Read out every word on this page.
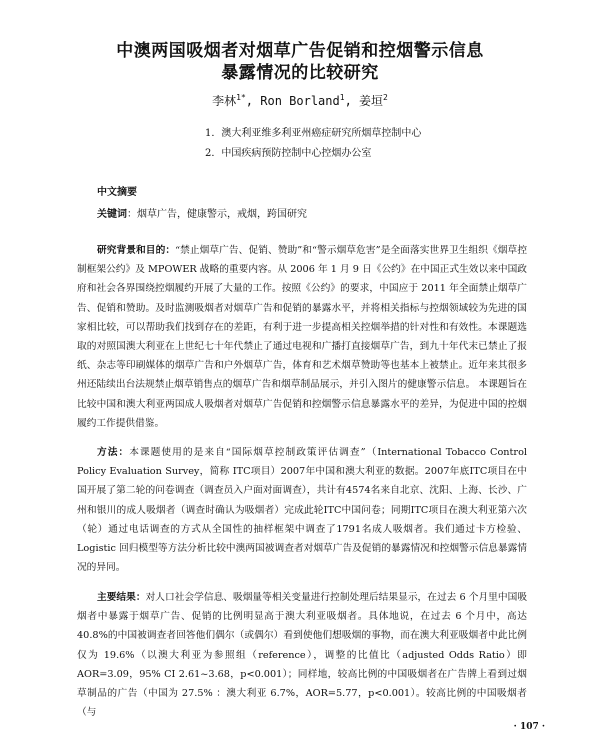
中澳两国吸烟者对烟草广告促销和控烟警示信息
暴露情况的比较研究
李林$^{1*}$, Ron Borland$^1$, 姜垣$^2$
1．澳大利亚维多利亚州癌症研究所烟草控制中心
2．中国疾病预防控制中心控烟办公室
中文摘要
关键词：烟草广告，健康警示，戒烟，跨国研究

研究背景和目的：“禁止烟草广告、促销、赞助”和“警示烟草危害”是全面落实世界卫生组织《烟草控制框架公约》及 MPOWER 战略的重要内容。从 2006 年 1 月 9 日《公约》在中国正式生效以来中国政府和社会各界围绕控烟履约开展了大量的工作。按照《公约》的要求，中国应于 2011 年全面禁止烟草广告、促销和赞助。及时监测吸烟者对烟草广告和促销的暴露水平，并将相关指标与控烟领域较为先进的国家相比较，可以帮助我们找到存在的差距，有利于进一步提高相关控烟举措的针对性和有效性。本课题选取的对照国澳大利亚在上世纪七十年代禁止了通过电视和广播打直接烟草广告，到九十年代末已禁止了报纸、杂志等印刷媒体的烟草广告和户外烟草广告，体育和艺术烟草赞助等也基本上被禁止。近年来其很多州还陆续出台法规禁止烟草销售点的烟草广告和烟草制品展示，并引入图片的健康警示信息。 本课题旨在比较中国和澳大利亚两国成人吸烟者对烟草广告促销和控烟警示信息暴露水平的差异，为促进中国的控烟履约工作提供借鉴。

方法：本课题使用的是来自“国际烟草控制政策评估调查”（International Tobacco Control Policy Evaluation Survey，简称 ITC项目）2007年中国和澳大利亚的数据。2007年底ITC项目在中国开展了第二轮的问卷调查（调查员入户面对面调查），共计有4574名来自北京、沈阳、上海、长沙、广州和银川的成人吸烟者（调查时确认为吸烟者）完成此轮ITC中国问卷；同期ITC项目在澳大利亚第六次（轮）通过电话调查的方式从全国性的抽样框架中调查了1791名成人吸烟者。我们通过卡方检验、Logistic 回归模型等方法分析比较中澳两国被调查者对烟草广告及促销的暴露情况和控烟警示信息暴露情况的异同。

主要结果：对人口社会学信息、吸烟量等相关变量进行控制处理后结果显示，在过去 6 个月里中国吸烟者中暴露于烟草广告、促销的比例明显高于澳大利亚吸烟者。具体地说，在过去 6 个月中，高达 40.8%的中国被调查者回答他们偶尔（或偶尔）看到使他们想吸烟的事物，而在澳大利亚吸烟者中此比例仅为 19.6%（以澳大利亚为参照组（reference），调整的比值比（adjusted Odds Ratio）即 AOR=3.09，95% CI 2.61~3.68，p<0.001）；同样地，较高比例的中国吸烟者在广告牌上看到过烟草制品的广告（中国为 27.5% ：澳大利亚 6.7%，AOR=5.77，p<0.001）。较高比例的中国吸烟者（与

· 107 ·
